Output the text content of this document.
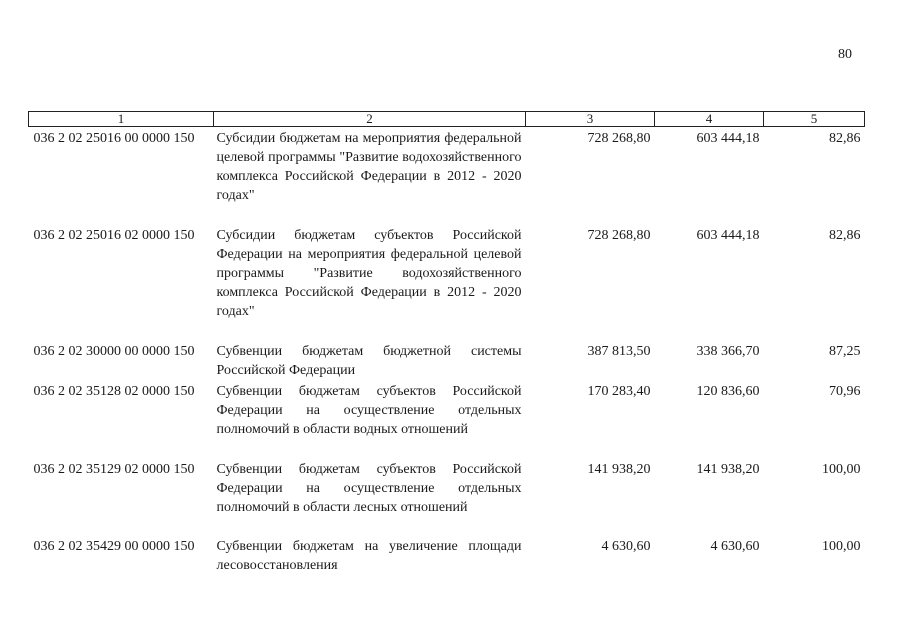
80
1	2	3	4	5
036 2 02 25016 00 0000 150	Субсидии бюджетам на мероприятия федеральной целевой программы "Развитие водохозяйственного комплекса Российской Федерации в 2012 - 2020 годах"	728 268,80	603 444,18	82,86
036 2 02 25016 02 0000 150	Субсидии бюджетам субъектов Российской Федерации на мероприятия федеральной целевой программы "Развитие водохозяйственного комплекса Российской Федерации в 2012 - 2020 годах"	728 268,80	603 444,18	82,86
036 2 02 30000 00 0000 150	Субвенции бюджетам бюджетной системы Российской Федерации	387 813,50	338 366,70	87,25
036 2 02 35128 02 0000 150	Субвенции бюджетам субъектов Российской Федерации на осуществление отдельных полномочий в области водных отношений	170 283,40	120 836,60	70,96
036 2 02 35129 02 0000 150	Субвенции бюджетам субъектов Российской Федерации на осуществление отдельных полномочий в области лесных отношений	141 938,20	141 938,20	100,00
036 2 02 35429 00 0000 150	Субвенции бюджетам на увеличение площади лесовосстановления	4 630,60	4 630,60	100,00
